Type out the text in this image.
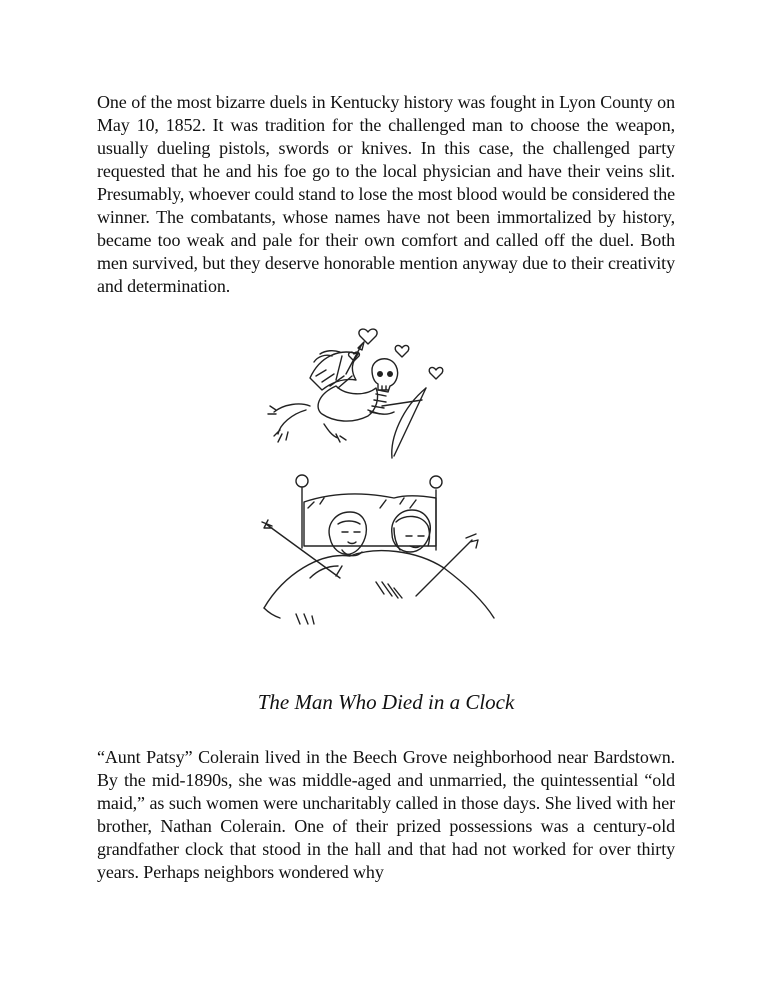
One of the most bizarre duels in Kentucky history was fought in Lyon County on May 10, 1852. It was tradition for the challenged man to choose the weapon, usually dueling pistols, swords or knives. In this case, the challenged party requested that he and his foe go to the local physician and have their veins slit. Presumably, whoever could stand to lose the most blood would be considered the winner. The combatants, whose names have not been immortalized by history, became too weak and pale for their own comfort and called off the duel. Both men survived, but they deserve honorable mention anyway due to their creativity and determination.

The Man Who Died in a Clock

“Aunt Patsy” Colerain lived in the Beech Grove neighborhood near Bardstown. By the mid-1890s, she was middle-aged and unmarried, the quintessential “old maid,” as such women were uncharitably called in those days. She lived with her brother, Nathan Colerain. One of their prized possessions was a century-old grandfather clock that stood in the hall and that had not worked for over thirty years. Perhaps neighbors wondered why
